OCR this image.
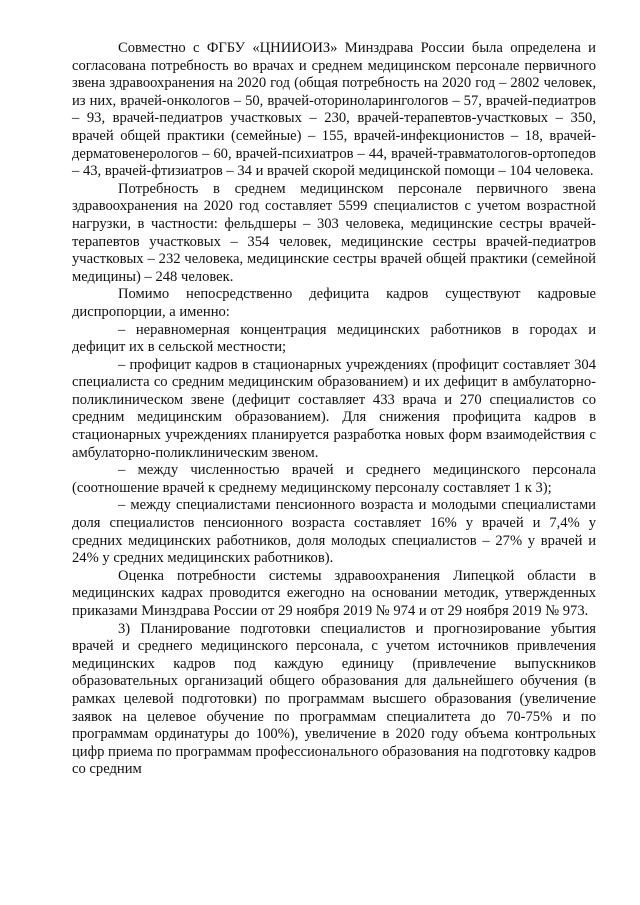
Совместно с ФГБУ «ЦНИИОИЗ» Минздрава России была определена и согласована потребность во врачах и среднем медицинском персонале первичного звена здравоохранения на 2020 год (общая потребность на 2020 год – 2802 человек, из них, врачей-онкологов – 50, врачей-оториноларингологов – 57, врачей-педиатров – 93, врачей-педиатров участковых – 230, врачей-терапевтов-участковых – 350, врачей общей практики (семейные) – 155, врачей-инфекционистов – 18, врачей-дерматовенерологов – 60, врачей-психиатров – 44, врачей-травматологов-ортопедов – 43, врачей-фтизиатров – 34 и врачей скорой медицинской помощи – 104 человека.

Потребность в среднем медицинском персонале первичного звена здравоохранения на 2020 год составляет 5599 специалистов с учетом возрастной нагрузки, в частности: фельдшеры – 303 человека, медицинские сестры врачей-терапевтов участковых – 354 человек, медицинские сестры врачей-педиатров участковых – 232 человека, медицинские сестры врачей общей практики (семейной медицины) – 248 человек.

Помимо непосредственно дефицита кадров существуют кадровые диспропорции, а именно:

– неравномерная концентрация медицинских работников в городах и дефицит их в сельской местности;

– профицит кадров в стационарных учреждениях (профицит составляет 304 специалиста со средним медицинским образованием) и их дефицит в амбулаторно-поликлиническом звене (дефицит составляет 433 врача и 270 специалистов со средним медицинским образованием). Для снижения профицита кадров в стационарных учреждениях планируется разработка новых форм взаимодействия с амбулаторно-поликлиническим звеном.

– между численностью врачей и среднего медицинского персонала (соотношение врачей к среднему медицинскому персоналу составляет 1 к 3);

– между специалистами пенсионного возраста и молодыми специалистами доля специалистов пенсионного возраста составляет 16% у врачей и 7,4% у средних медицинских работников, доля молодых специалистов – 27% у врачей и 24% у средних медицинских работников).

Оценка потребности системы здравоохранения Липецкой области в медицинских кадрах проводится ежегодно на основании методик, утвержденных приказами Минздрава России от 29 ноября 2019 № 974 и от 29 ноября 2019 № 973.

3) Планирование подготовки специалистов и прогнозирование убытия врачей и среднего медицинского персонала, с учетом источников привлечения медицинских кадров под каждую единицу (привлечение выпускников образовательных организаций общего образования для дальнейшего обучения (в рамках целевой подготовки) по программам высшего образования (увеличение заявок на целевое обучение по программам специалитета до 70-75% и по программам ординатуры до 100%), увеличение в 2020 году объема контрольных цифр приема по программам профессионального образования на подготовку кадров со средним
